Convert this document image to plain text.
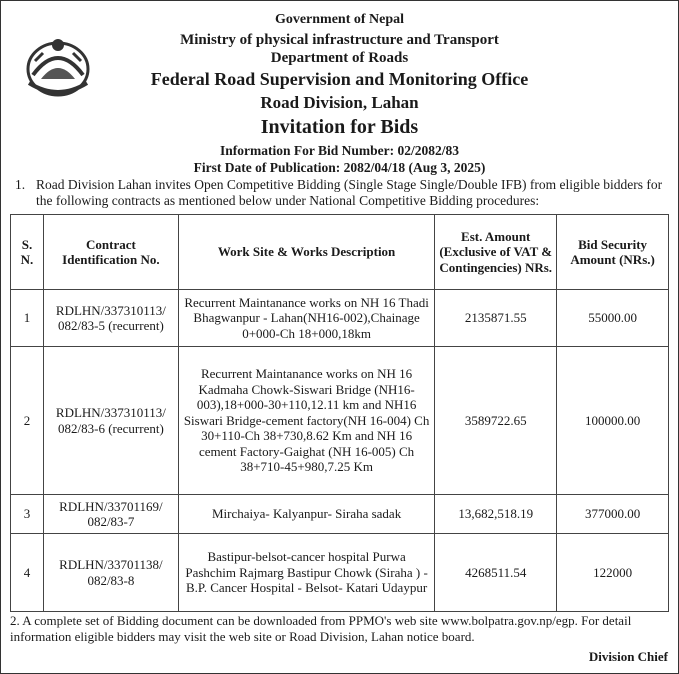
Government of Nepal
Ministry of physical infrastructure and Transport
Department of Roads
Federal Road Supervision and Monitoring Office
Road Division, Lahan
Invitation for Bids
Information For Bid Number: 02/2082/83
First Date of Publication: 2082/04/18 (Aug 3, 2025)
1. Road Division Lahan invites Open Competitive Bidding (Single Stage Single/Double IFB) from eligible bidders for the following contracts as mentioned below under National Competitive Bidding procedures:
S. N.	Contract Identification No.	Work Site & Works Description	Est. Amount (Exclusive of VAT & Contingencies) NRs.	Bid Security Amount (NRs.)
1	RDLHN/337310113/ 082/83-5 (recurrent)	Recurrent Maintanance works on NH 16 Thadi Bhagwanpur - Lahan(NH16-002),Chainage 0+000-Ch 18+000,18km	2135871.55	55000.00
2	RDLHN/337310113/ 082/83-6 (recurrent)	Recurrent Maintanance works on NH 16 Kadmaha Chowk-Siswari Bridge (NH16-003),18+000-30+110,12.11 km and NH16 Siswari Bridge-cement factory(NH 16-004) Ch 30+110-Ch 38+730,8.62 Km and NH 16 cement Factory-Gaighat (NH 16-005) Ch 38+710-45+980,7.25 Km	3589722.65	100000.00
3	RDLHN/33701169/ 082/83-7	Mirchaiya- Kalyanpur- Siraha sadak	13,682,518.19	377000.00
4	RDLHN/33701138/ 082/83-8	Bastipur-belsot-cancer hospital Purwa Pashchim Rajmarg Bastipur Chowk (Siraha ) - B.P. Cancer Hospital - Belsot- Katari Udaypur	4268511.54	122000
2. A complete set of Bidding document can be downloaded from PPMO's web site www.bolpatra.gov.np/egp. For detail information eligible bidders may visit the web site or Road Division, Lahan notice board.
Division Chief
